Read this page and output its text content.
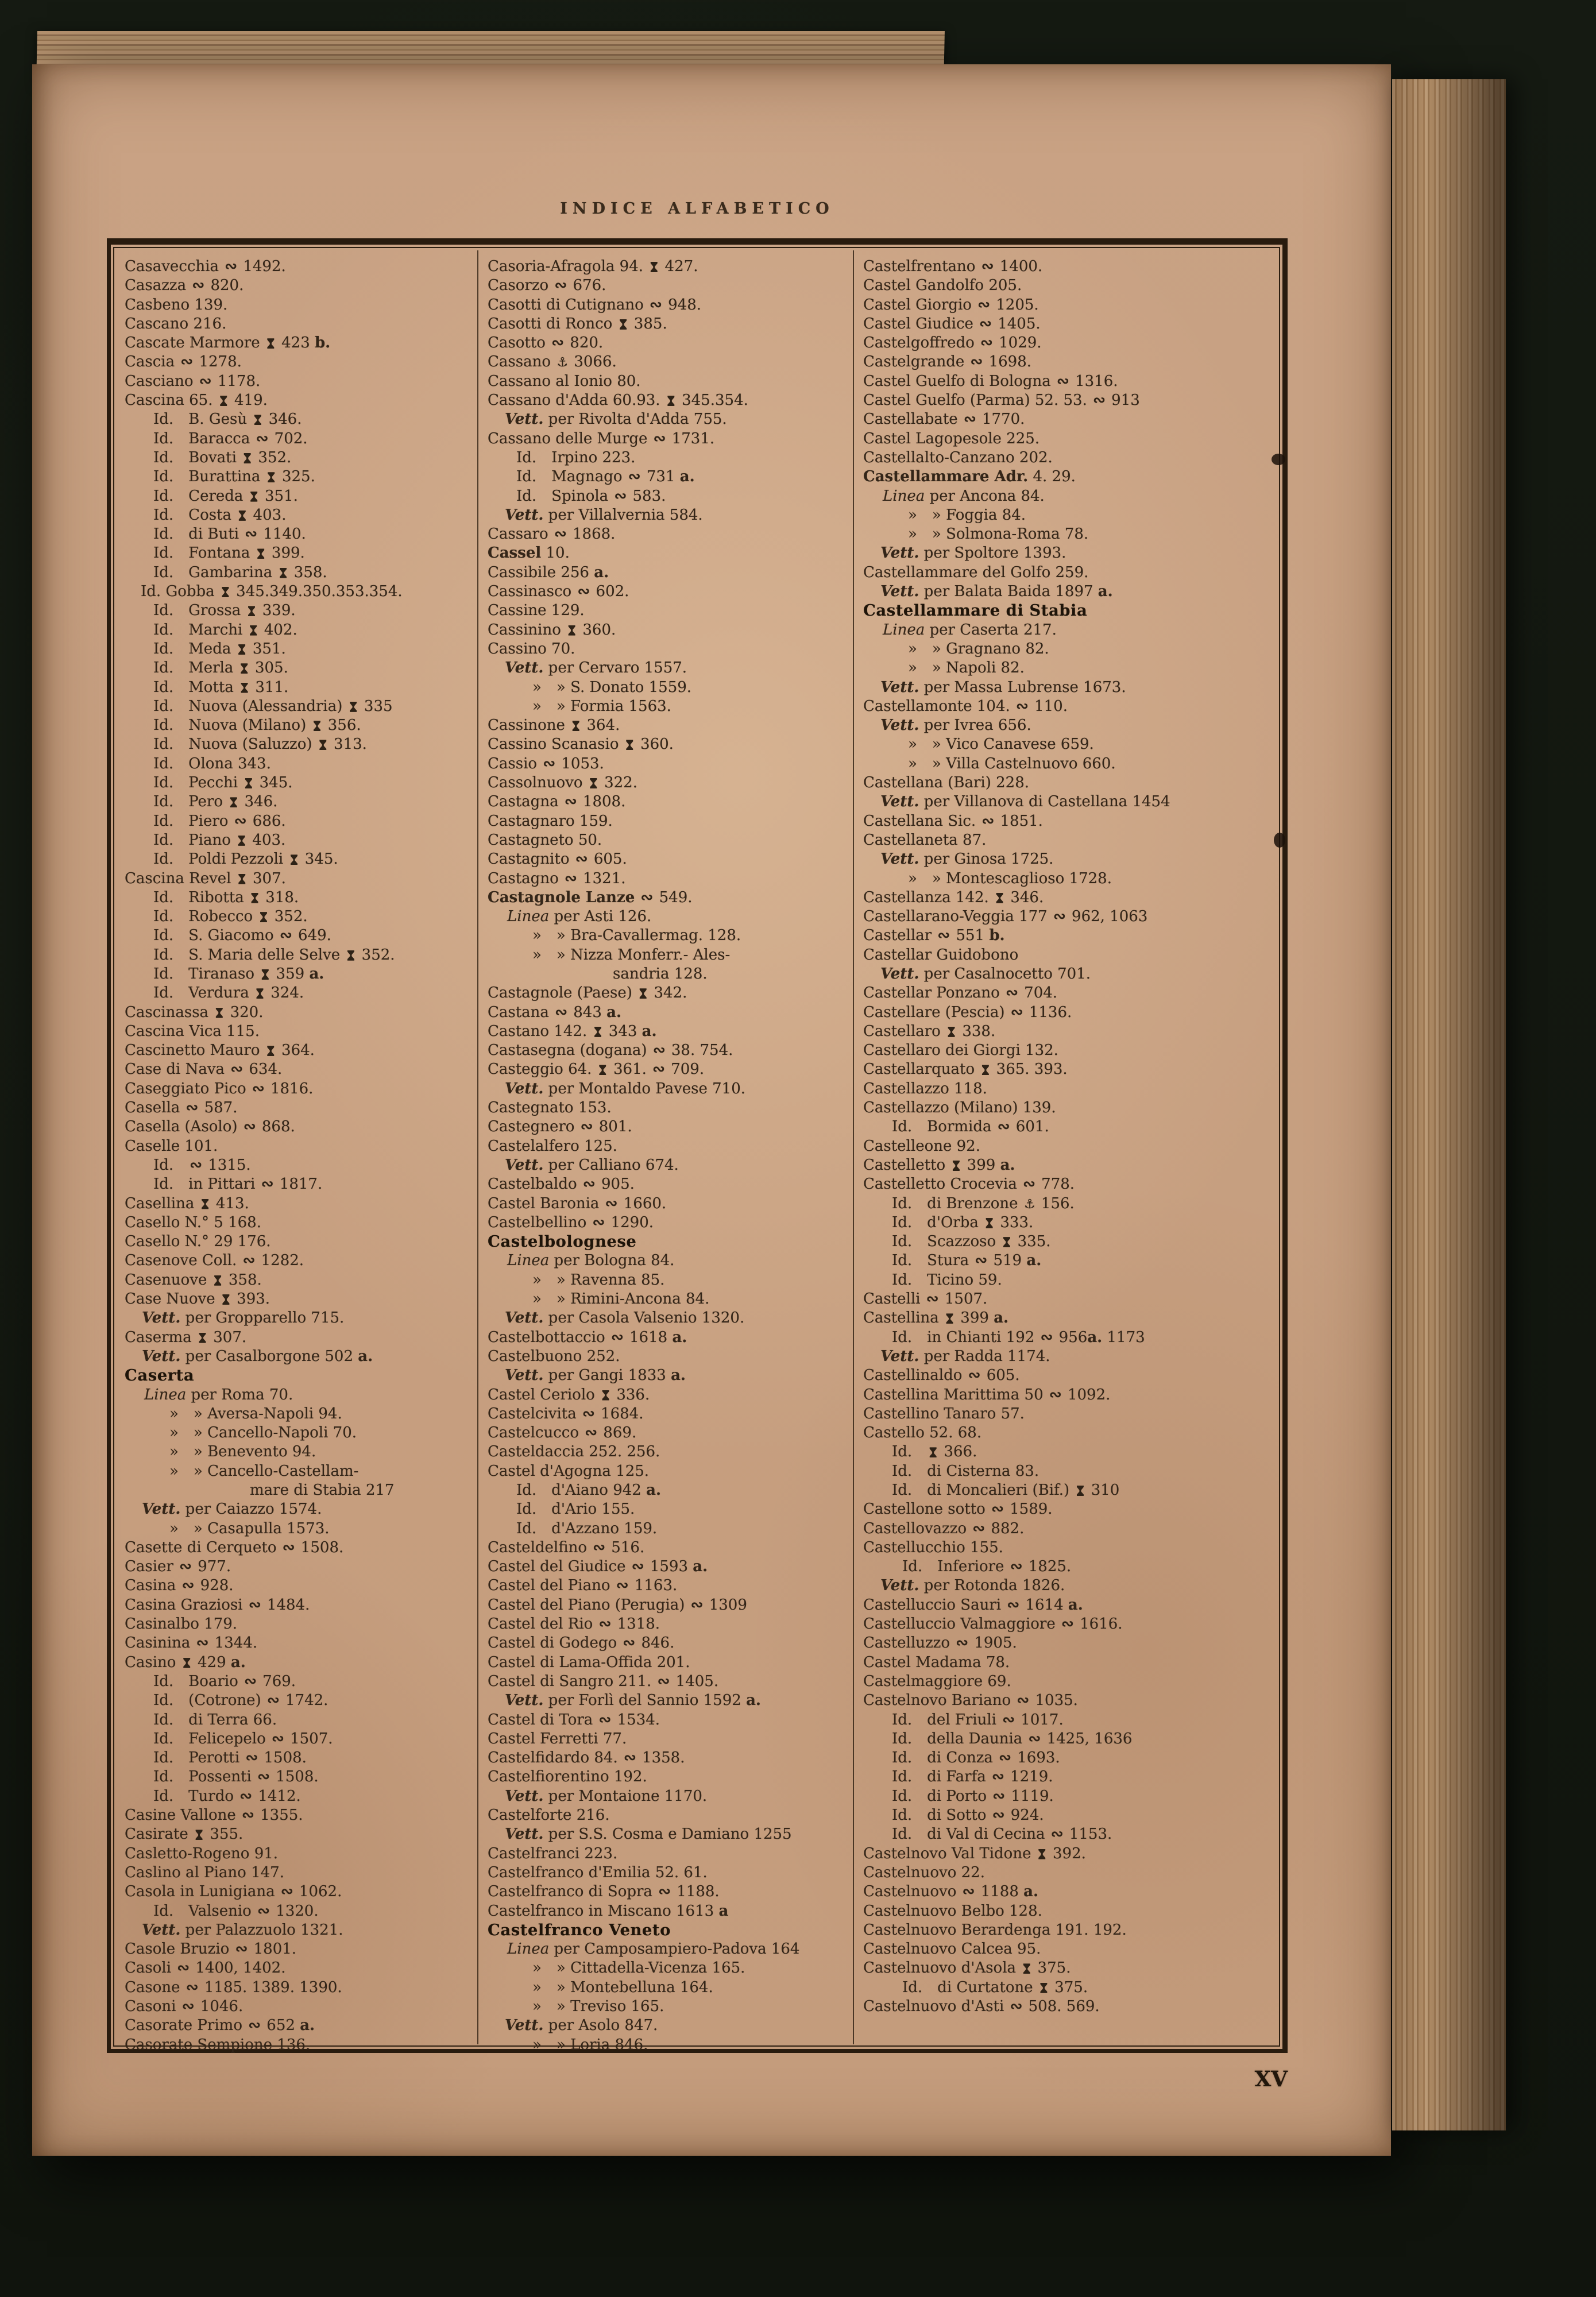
INDICE ALFABETICO
Casavecchia ∾ 1492.
Casazza ∾ 820.
Casbeno 139.
Cascano 216.
Cascate Marmore  423 b.
Cascia ∾ 1278.
Casciano ∾ 1178.
Cascina 65.  419.
Id. B. Gesù  346.
Id. Baracca ∾ 702.
Id. Bovati  352.
Id. Burattina  325.
Id. Cereda  351.
Id. Costa  403.
Id. di Buti ∾ 1140.
Id. Fontana  399.
Id. Gambarina  358.
Id. Gobba  345.349.350.353.354.
Id. Grossa  339.
Id. Marchi  402.
Id. Meda  351.
Id. Merla  305.
Id. Motta  311.
Id. Nuova (Alessandria)  335
Id. Nuova (Milano)  356.
Id. Nuova (Saluzzo)  313.
Id. Olona 343.
Id. Pecchi  345.
Id. Pero  346.
Id. Piero ∾ 686.
Id. Piano  403.
Id. Poldi Pezzoli  345.
Cascina Revel  307.
Id. Ribotta  318.
Id. Robecco  352.
Id. S. Giacomo ∾ 649.
Id. S. Maria delle Selve  352.
Id. Tiranaso  359 a.
Id. Verdura  324.
Cascinassa  320.
Cascina Vica 115.
Cascinetto Mauro  364.
Case di Nava ∾ 634.
Caseggiato Pico ∾ 1816.
Casella ∾ 587.
Casella (Asolo) ∾ 868.
Caselle 101.
Id. ∾ 1315.
Id. in Pittari ∾ 1817.
Casellina  413.
Casello N.° 5 168.
Casello N.° 29 176.
Casenove Coll. ∾ 1282.
Casenuove  358.
Case Nuove  393.
Vett. per Gropparello 715.
Caserma  307.
Vett. per Casalborgone 502 a.
Caserta
Linea per Roma 70.
»  » Aversa-Napoli 94.
»  » Cancello-Napoli 70.
»  » Benevento 94.
»  » Cancello-Castellam-
mare di Stabia 217
Vett. per Caiazzo 1574.
»  » Casapulla 1573.
Casette di Cerqueto ∾ 1508.
Casier ∾ 977.
Casina ∾ 928.
Casina Graziosi ∾ 1484.
Casinalbo 179.
Casinina ∾ 1344.
Casino  429 a.
Id. Boario ∾ 769.
Id. (Cotrone) ∾ 1742.
Id. di Terra 66.
Id. Felicepelo ∾ 1507.
Id. Perotti ∾ 1508.
Id. Possenti ∾ 1508.
Id. Turdo ∾ 1412.
Casine Vallone ∾ 1355.
Casirate  355.
Casletto-Rogeno 91.
Caslino al Piano 147.
Casola in Lunigiana ∾ 1062.
Id. Valsenio ∾ 1320.
Vett. per Palazzuolo 1321.
Casole Bruzio ∾ 1801.
Casoli ∾ 1400, 1402.
Casone ∾ 1185. 1389. 1390.
Casoni ∾ 1046.
Casorate Primo ∾ 652 a.
Casorate Sempione 136.
Casoria-Afragola 94.  427.
Casorzo ∾ 676.
Casotti di Cutignano ∾ 948.
Casotti di Ronco  385.
Casotto ∾ 820.
Cassano ⚓ 3066.
Cassano al Ionio 80.
Cassano d'Adda 60.93.  345.354.
Vett. per Rivolta d'Adda 755.
Cassano delle Murge ∾ 1731.
Id. Irpino 223.
Id. Magnago ∾ 731 a.
Id. Spinola ∾ 583.
Vett. per Villalvernia 584.
Cassaro ∾ 1868.
Cassel 10.
Cassibile 256 a.
Cassinasco ∾ 602.
Cassine 129.
Cassinino  360.
Cassino 70.
Vett. per Cervaro 1557.
»  » S. Donato 1559.
»  » Formia 1563.
Cassinone  364.
Cassino Scanasio  360.
Cassio ∾ 1053.
Cassolnuovo  322.
Castagna ∾ 1808.
Castagnaro 159.
Castagneto 50.
Castagnito ∾ 605.
Castagno ∾ 1321.
Castagnole Lanze ∾ 549.
Linea per Asti 126.
»  » Bra-Cavallermag. 128.
»  » Nizza Monferr.- Ales-
sandria 128.
Castagnole (Paese)  342.
Castana ∾ 843 a.
Castano 142.  343 a.
Castasegna (dogana) ∾ 38. 754.
Casteggio 64.  361. ∾ 709.
Vett. per Montaldo Pavese 710.
Castegnato 153.
Castegnero ∾ 801.
Castelalfero 125.
Vett. per Calliano 674.
Castelbaldo ∾ 905.
Castel Baronia ∾ 1660.
Castelbellino ∾ 1290.
Castelbolognese
Linea per Bologna 84.
»  » Ravenna 85.
»  » Rimini-Ancona 84.
Vett. per Casola Valsenio 1320.
Castelbottaccio ∾ 1618 a.
Castelbuono 252.
Vett. per Gangi 1833 a.
Castel Ceriolo  336.
Castelcivita ∾ 1684.
Castelcucco ∾ 869.
Casteldaccia 252. 256.
Castel d'Agogna 125.
Id. d'Aiano 942 a.
Id. d'Ario 155.
Id. d'Azzano 159.
Casteldelfino ∾ 516.
Castel del Giudice ∾ 1593 a.
Castel del Piano ∾ 1163.
Castel del Piano (Perugia) ∾ 1309
Castel del Rio ∾ 1318.
Castel di Godego ∾ 846.
Castel di Lama-Offida 201.
Castel di Sangro 211. ∾ 1405.
Vett. per Forlì del Sannio 1592 a.
Castel di Tora ∾ 1534.
Castel Ferretti 77.
Castelfidardo 84. ∾ 1358.
Castelfiorentino 192.
Vett. per Montaione 1170.
Castelforte 216.
Vett. per S.S. Cosma e Damiano 1255
Castelfranci 223.
Castelfranco d'Emilia 52. 61.
Castelfranco di Sopra ∾ 1188.
Castelfranco in Miscano 1613 a
Castelfranco Veneto
Linea per Camposampiero-Padova 164
»  » Cittadella-Vicenza 165.
»  » Montebelluna 164.
»  » Treviso 165.
Vett. per Asolo 847.
»  » Loria 846.
Castelfrentano ∾ 1400.
Castel Gandolfo 205.
Castel Giorgio ∾ 1205.
Castel Giudice ∾ 1405.
Castelgoffredo ∾ 1029.
Castelgrande ∾ 1698.
Castel Guelfo di Bologna ∾ 1316.
Castel Guelfo (Parma) 52. 53. ∾ 913
Castellabate ∾ 1770.
Castel Lagopesole 225.
Castellalto-Canzano 202.
Castellammare Adr. 4. 29.
Linea per Ancona 84.
»  » Foggia 84.
»  » Solmona-Roma 78.
Vett. per Spoltore 1393.
Castellammare del Golfo 259.
Vett. per Balata Baida 1897 a.
Castellammare di Stabia
Linea per Caserta 217.
»  » Gragnano 82.
»  » Napoli 82.
Vett. per Massa Lubrense 1673.
Castellamonte 104. ∾ 110.
Vett. per Ivrea 656.
»  » Vico Canavese 659.
»  » Villa Castelnuovo 660.
Castellana (Bari) 228.
Vett. per Villanova di Castellana 1454
Castellana Sic. ∾ 1851.
Castellaneta 87.
Vett. per Ginosa 1725.
»  » Montescaglioso 1728.
Castellanza 142.  346.
Castellarano-Veggia 177 ∾ 962, 1063
Castellar ∾ 551 b.
Castellar Guidobono
Vett. per Casalnocetto 701.
Castellar Ponzano ∾ 704.
Castellare (Pescia) ∾ 1136.
Castellaro  338.
Castellaro dei Giorgi 132.
Castellarquato  365. 393.
Castellazzo 118.
Castellazzo (Milano) 139.
Id. Bormida ∾ 601.
Castelleone 92.
Castelletto  399 a.
Castelletto Crocevia ∾ 778.
Id. di Brenzone ⚓ 156.
Id. d'Orba  333.
Id. Scazzoso  335.
Id. Stura ∾ 519 a.
Id. Ticino 59.
Castelli ∾ 1507.
Castellina  399 a.
Id. in Chianti 192 ∾ 956a. 1173
Vett. per Radda 1174.
Castellinaldo ∾ 605.
Castellina Marittima 50 ∾ 1092.
Castellino Tanaro 57.
Castello 52. 68.
Id.  366.
Id. di Cisterna 83.
Id. di Moncalieri (Bif.)  310
Castellone sotto ∾ 1589.
Castellovazzo ∾ 882.
Castellucchio 155.
Id. Inferiore ∾ 1825.
Vett. per Rotonda 1826.
Castelluccio Sauri ∾ 1614 a.
Castelluccio Valmaggiore ∾ 1616.
Castelluzzo ∾ 1905.
Castel Madama 78.
Castelmaggiore 69.
Castelnovo Bariano ∾ 1035.
Id. del Friuli ∾ 1017.
Id. della Daunia ∾ 1425, 1636
Id. di Conza ∾ 1693.
Id. di Farfa ∾ 1219.
Id. di Porto ∾ 1119.
Id. di Sotto ∾ 924.
Id. di Val di Cecina ∾ 1153.
Castelnovo Val Tidone  392.
Castelnuovo 22.
Castelnuovo ∾ 1188 a.
Castelnuovo Belbo 128.
Castelnuovo Berardenga 191. 192.
Castelnuovo Calcea 95.
Castelnuovo d'Asola  375.
Id. di Curtatone  375.
Castelnuovo d'Asti ∾ 508. 569.
XV
